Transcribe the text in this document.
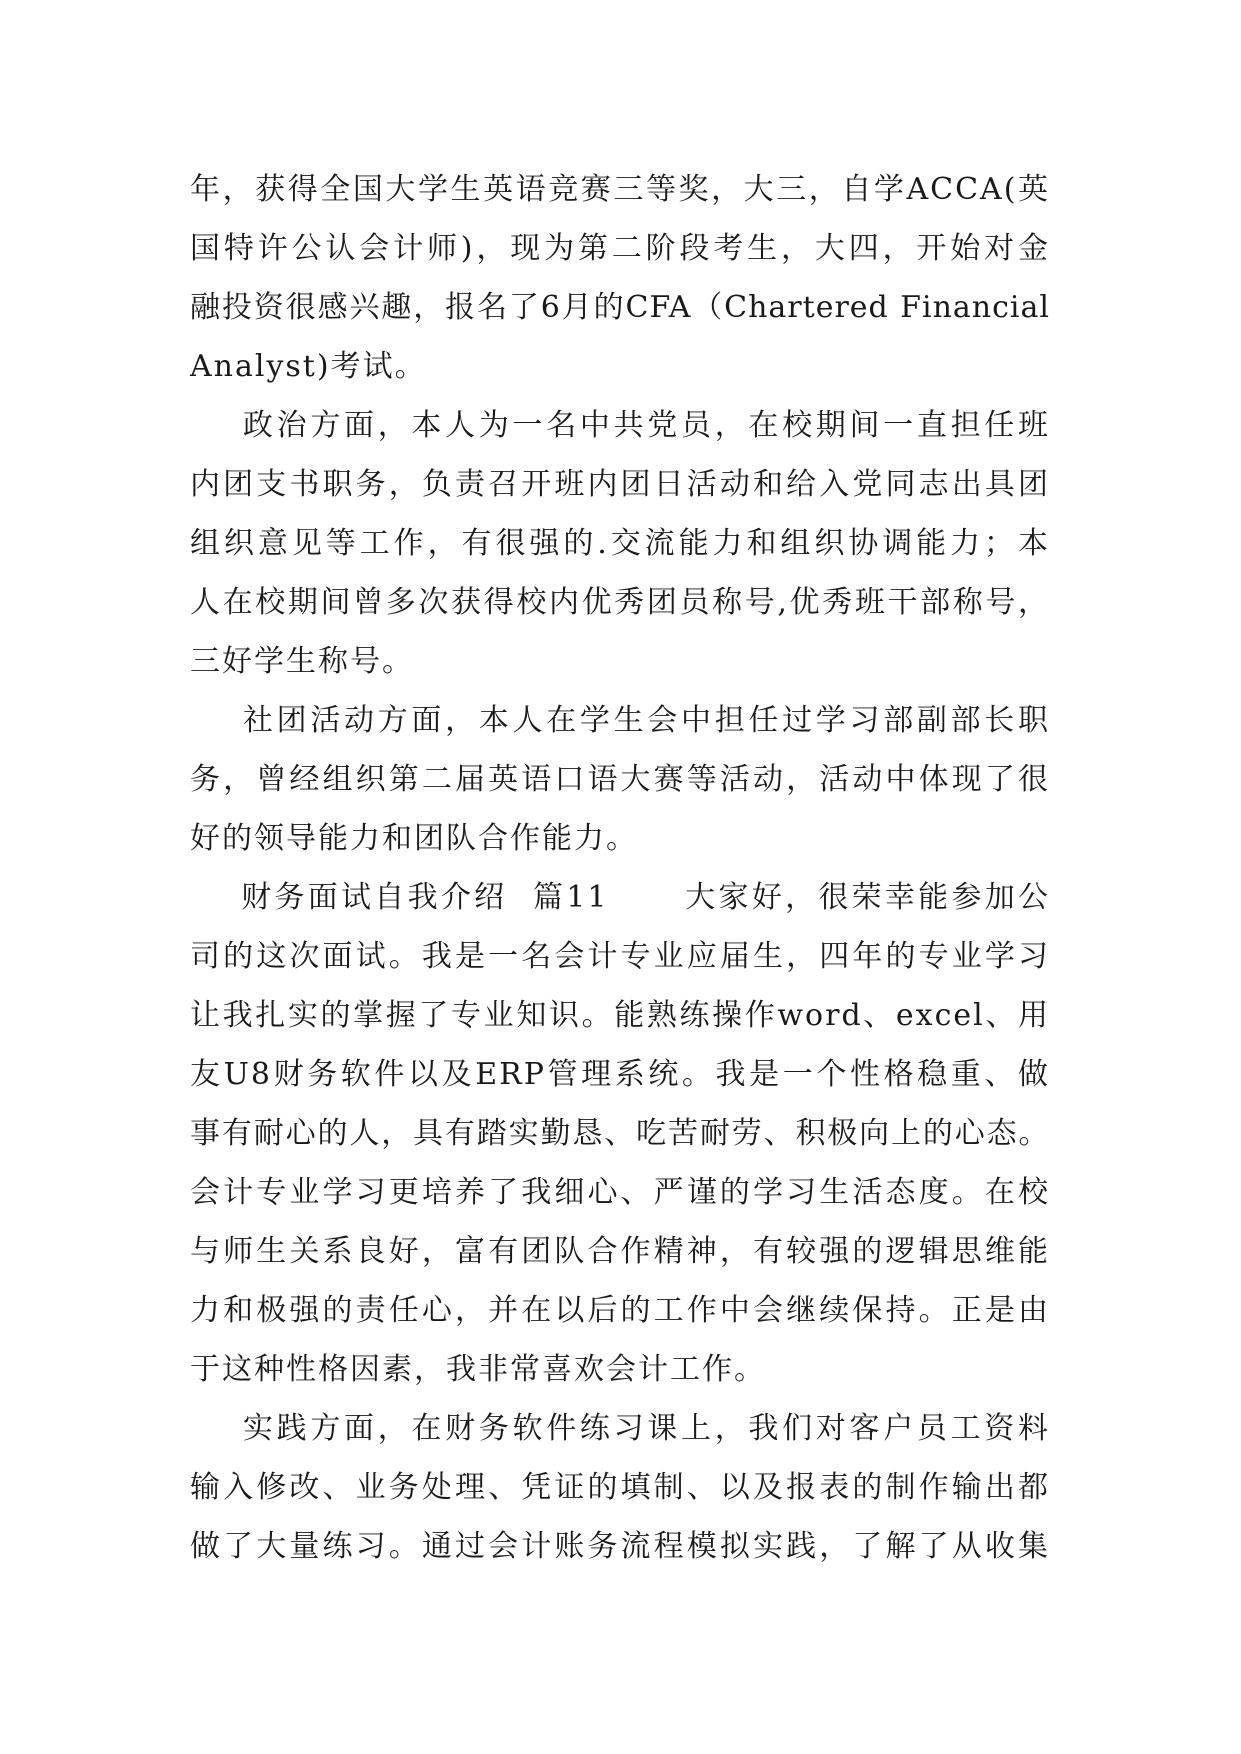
年，获得全国大学生英语竞赛三等奖，大三，自学ACCA(英
国特许公认会计师)，现为第二阶段考生，大四，开始对金
融投资很感兴趣，报名了6月的CFA（Chartered Financial
Analyst)考试。
政治方面，本人为一名中共党员，在校期间一直担任班
内团支书职务，负责召开班内团日活动和给入党同志出具团
组织意见等工作，有很强的.交流能力和组织协调能力；本
人在校期间曾多次获得校内优秀团员称号,优秀班干部称号，
三好学生称号。
社团活动方面，本人在学生会中担任过学习部副部长职
务，曾经组织第二届英语口语大赛等活动，活动中体现了很
好的领导能力和团队合作能力。
财务面试自我介绍  篇11      大家好，很荣幸能参加公
司的这次面试。我是一名会计专业应届生，四年的专业学习
让我扎实的掌握了专业知识。能熟练操作word、excel、用
友U8财务软件以及ERP管理系统。我是一个性格稳重、做
事有耐心的人，具有踏实勤恳、吃苦耐劳、积极向上的心态。
会计专业学习更培养了我细心、严谨的学习生活态度。在校
与师生关系良好，富有团队合作精神，有较强的逻辑思维能
力和极强的责任心，并在以后的工作中会继续保持。正是由
于这种性格因素，我非常喜欢会计工作。
实践方面，在财务软件练习课上，我们对客户员工资料
输入修改、业务处理、凭证的填制、以及报表的制作输出都
做了大量练习。通过会计账务流程模拟实践，了解了从收集
